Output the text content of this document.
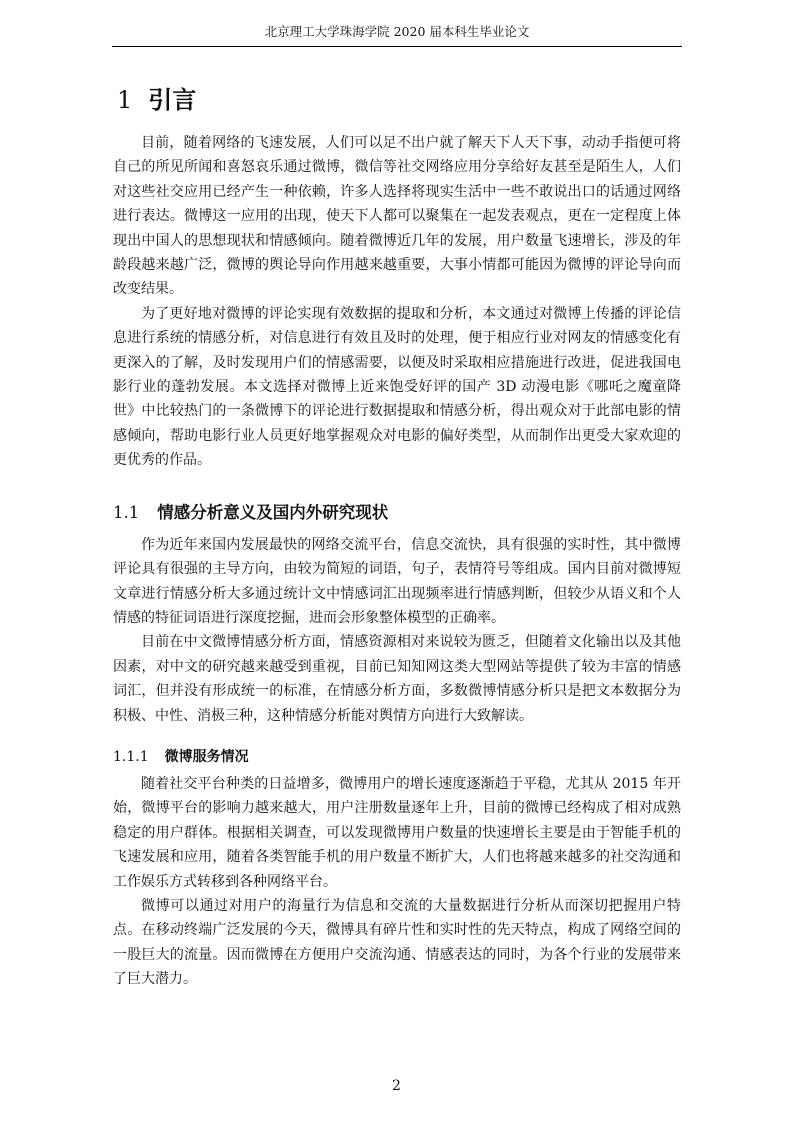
北京理工大学珠海学院 2020 届本科生毕业论文
1 引言

目前，随着网络的飞速发展，人们可以足不出户就了解天下人天下事，动动手指便可将自己的所见所闻和喜怒哀乐通过微博，微信等社交网络应用分享给好友甚至是陌生人，人们对这些社交应用已经产生一种依赖，许多人选择将现实生活中一些不敢说出口的话通过网络进行表达。微博这一应用的出现，使天下人都可以聚集在一起发表观点，更在一定程度上体现出中国人的思想现状和情感倾向。随着微博近几年的发展，用户数量飞速增长，涉及的年龄段越来越广泛，微博的舆论导向作用越来越重要，大事小情都可能因为微博的评论导向而改变结果。

为了更好地对微博的评论实现有效数据的提取和分析，本文通过对微博上传播的评论信息进行系统的情感分析，对信息进行有效且及时的处理，便于相应行业对网友的情感变化有更深入的了解，及时发现用户们的情感需要，以便及时采取相应措施进行改进，促进我国电影行业的蓬勃发展。本文选择对微博上近来饱受好评的国产 3D 动漫电影《哪吒之魔童降世》中比较热门的一条微博下的评论进行数据提取和情感分析，得出观众对于此部电影的情感倾向，帮助电影行业人员更好地掌握观众对电影的偏好类型，从而制作出更受大家欢迎的更优秀的作品。

1.1 情感分析意义及国内外研究现状

作为近年来国内发展最快的网络交流平台，信息交流快，具有很强的实时性，其中微博评论具有很强的主导方向，由较为简短的词语，句子，表情符号等组成。国内目前对微博短文章进行情感分析大多通过统计文中情感词汇出现频率进行情感判断，但较少从语义和个人情感的特征词语进行深度挖掘，进而会形象整体模型的正确率。

目前在中文微博情感分析方面，情感资源相对来说较为匮乏，但随着文化输出以及其他因素，对中文的研究越来越受到重视，目前已知知网这类大型网站等提供了较为丰富的情感词汇，但并没有形成统一的标准，在情感分析方面，多数微博情感分析只是把文本数据分为积极、中性、消极三种，这种情感分析能对舆情方向进行大致解读。

1.1.1 微博服务情况

随着社交平台种类的日益增多，微博用户的增长速度逐渐趋于平稳，尤其从 2015 年开始，微博平台的影响力越来越大，用户注册数量逐年上升，目前的微博已经构成了相对成熟稳定的用户群体。根据相关调查，可以发现微博用户数量的快速增长主要是由于智能手机的飞速发展和应用，随着各类智能手机的用户数量不断扩大，人们也将越来越多的社交沟通和工作娱乐方式转移到各种网络平台。

微博可以通过对用户的海量行为信息和交流的大量数据进行分析从而深切把握用户特点。在移动终端广泛发展的今天，微博具有碎片性和实时性的先天特点，构成了网络空间的一股巨大的流量。因而微博在方便用户交流沟通、情感表达的同时，为各个行业的发展带来了巨大潜力。

2
